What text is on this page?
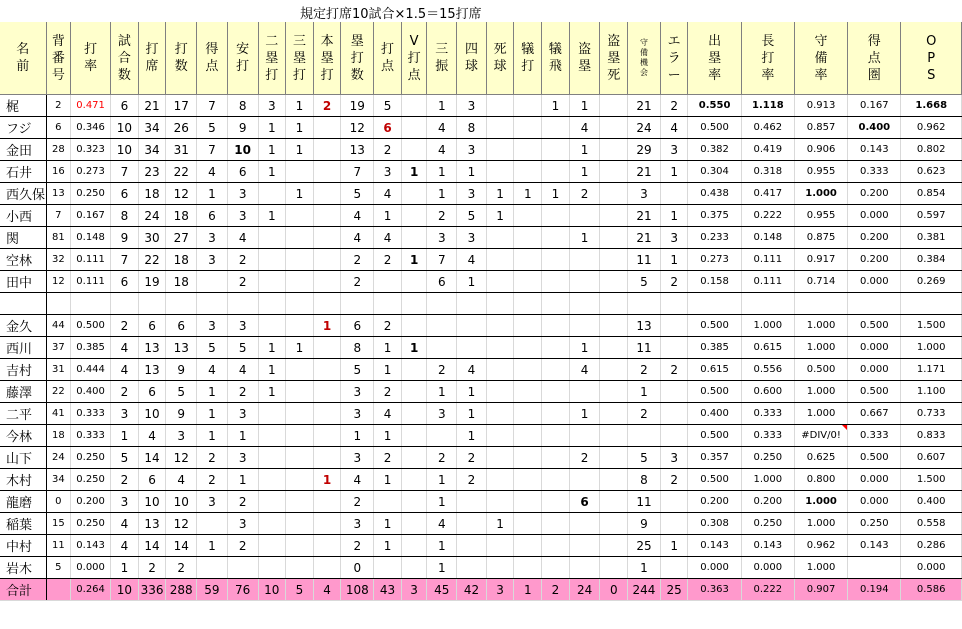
規定打席10試合×1.5＝15打席
名前	背番号	打率	試合数	打席	打数	得点	安打	二塁打	三塁打	本塁打	塁打数	打点	V打点	三振	四球	死球	犠打	犠飛	盗塁	盗塁死	守備機会	エラー	出塁率	長打率	守備率	得点圏	OPS
梶	2	0.471	6	21	17	7	8	3	1	2	19	5		1	3			1	1		21	2	0.550	1.118	0.913	0.167	1.668
フジ	6	0.346	10	34	26	5	9	1	1		12	6		4	8				4		24	4	0.500	0.462	0.857	0.400	0.962
金田	28	0.323	10	34	31	7	10	1	1		13	2		4	3				1		29	3	0.382	0.419	0.906	0.143	0.802
石井	16	0.273	7	23	22	4	6	1			7	3	1	1	1				1		21	1	0.304	0.318	0.955	0.333	0.623
西久保	13	0.250	6	18	12	1	3		1		5	4		1	3	1	1	1	2		3		0.438	0.417	1.000	0.200	0.854
小西	7	0.167	8	24	18	6	3	1			4	1		2	5	1					21	1	0.375	0.222	0.955	0.000	0.597
関	81	0.148	9	30	27	3	4				4	4		3	3				1		21	3	0.233	0.148	0.875	0.200	0.381
空林	32	0.111	7	22	18	3	2				2	2	1	7	4						11	1	0.273	0.111	0.917	0.200	0.384
田中	12	0.111	6	19	18		2				2			6	1						5	2	0.158	0.111	0.714	0.000	0.269

金久	44	0.500	2	6	6	3	3			1	6	2									13		0.500	1.000	1.000	0.500	1.500
西川	37	0.385	4	13	13	5	5	1	1		8	1	1						1		11		0.385	0.615	1.000	0.000	1.000
吉村	31	0.444	4	13	9	4	4	1			5	1		2	4				4		2	2	0.615	0.556	0.500	0.000	1.171
藤澤	22	0.400	2	6	5	1	2	1			3	2		1	1						1		0.500	0.600	1.000	0.500	1.100
二平	41	0.333	3	10	9	1	3				3	4		3	1				1		2		0.400	0.333	1.000	0.667	0.733
今林	18	0.333	1	4	3	1	1				1	1			1								0.500	0.333	#DIV/0!	0.333	0.833
山下	24	0.250	5	14	12	2	3				3	2		2	2				2		5	3	0.357	0.250	0.625	0.500	0.607
木村	34	0.250	2	6	4	2	1			1	4	1		1	2						8	2	0.500	1.000	0.800	0.000	1.500
龍磨	0	0.200	3	10	10	3	2				2			1					6		11		0.200	0.200	1.000	0.000	0.400
稲葉	15	0.250	4	13	12		3				3	1		4		1					9		0.308	0.250	1.000	0.250	0.558
中村	11	0.143	4	14	14	1	2				2	1		1							25	1	0.143	0.143	0.962	0.143	0.286
岩木	5	0.000	1	2	2						0			1							1		0.000	0.000	1.000		0.000
合計		0.264	10	336	288	59	76	10	5	4	108	43	3	45	42	3	1	2	24	0	244	25	0.363	0.222	0.907	0.194	0.586
